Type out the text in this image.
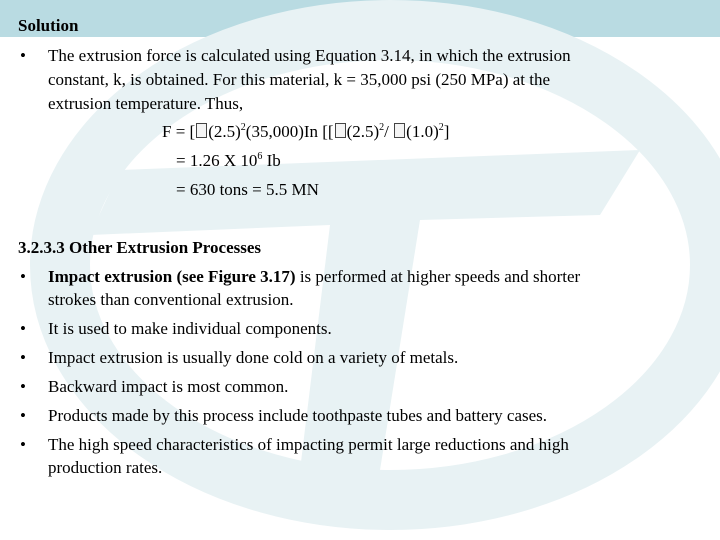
Solution
• The extrusion force is calculated using Equation 3.14, in which the extrusion
constant, k, is obtained. For this material, k = 35,000 psi (250 MPa) at the
extrusion temperature. Thus,
F = [ $(2.5)^2(35,000)In$ [[ $(2.5)^2/$ $(1.0)^2$]
= 1.26 X $10^6$ Ib
= 630 tons = 5.5 MN
3.2.3.3 Other Extrusion Processes
• Impact extrusion (see Figure 3.17) is performed at higher speeds and shorter
strokes than conventional extrusion.
• It is used to make individual components.
• Impact extrusion is usually done cold on a variety of metals.
• Backward impact is most common.
• Products made by this process include toothpaste tubes and battery cases.
• The high speed characteristics of impacting permit large reductions and high
production rates.
